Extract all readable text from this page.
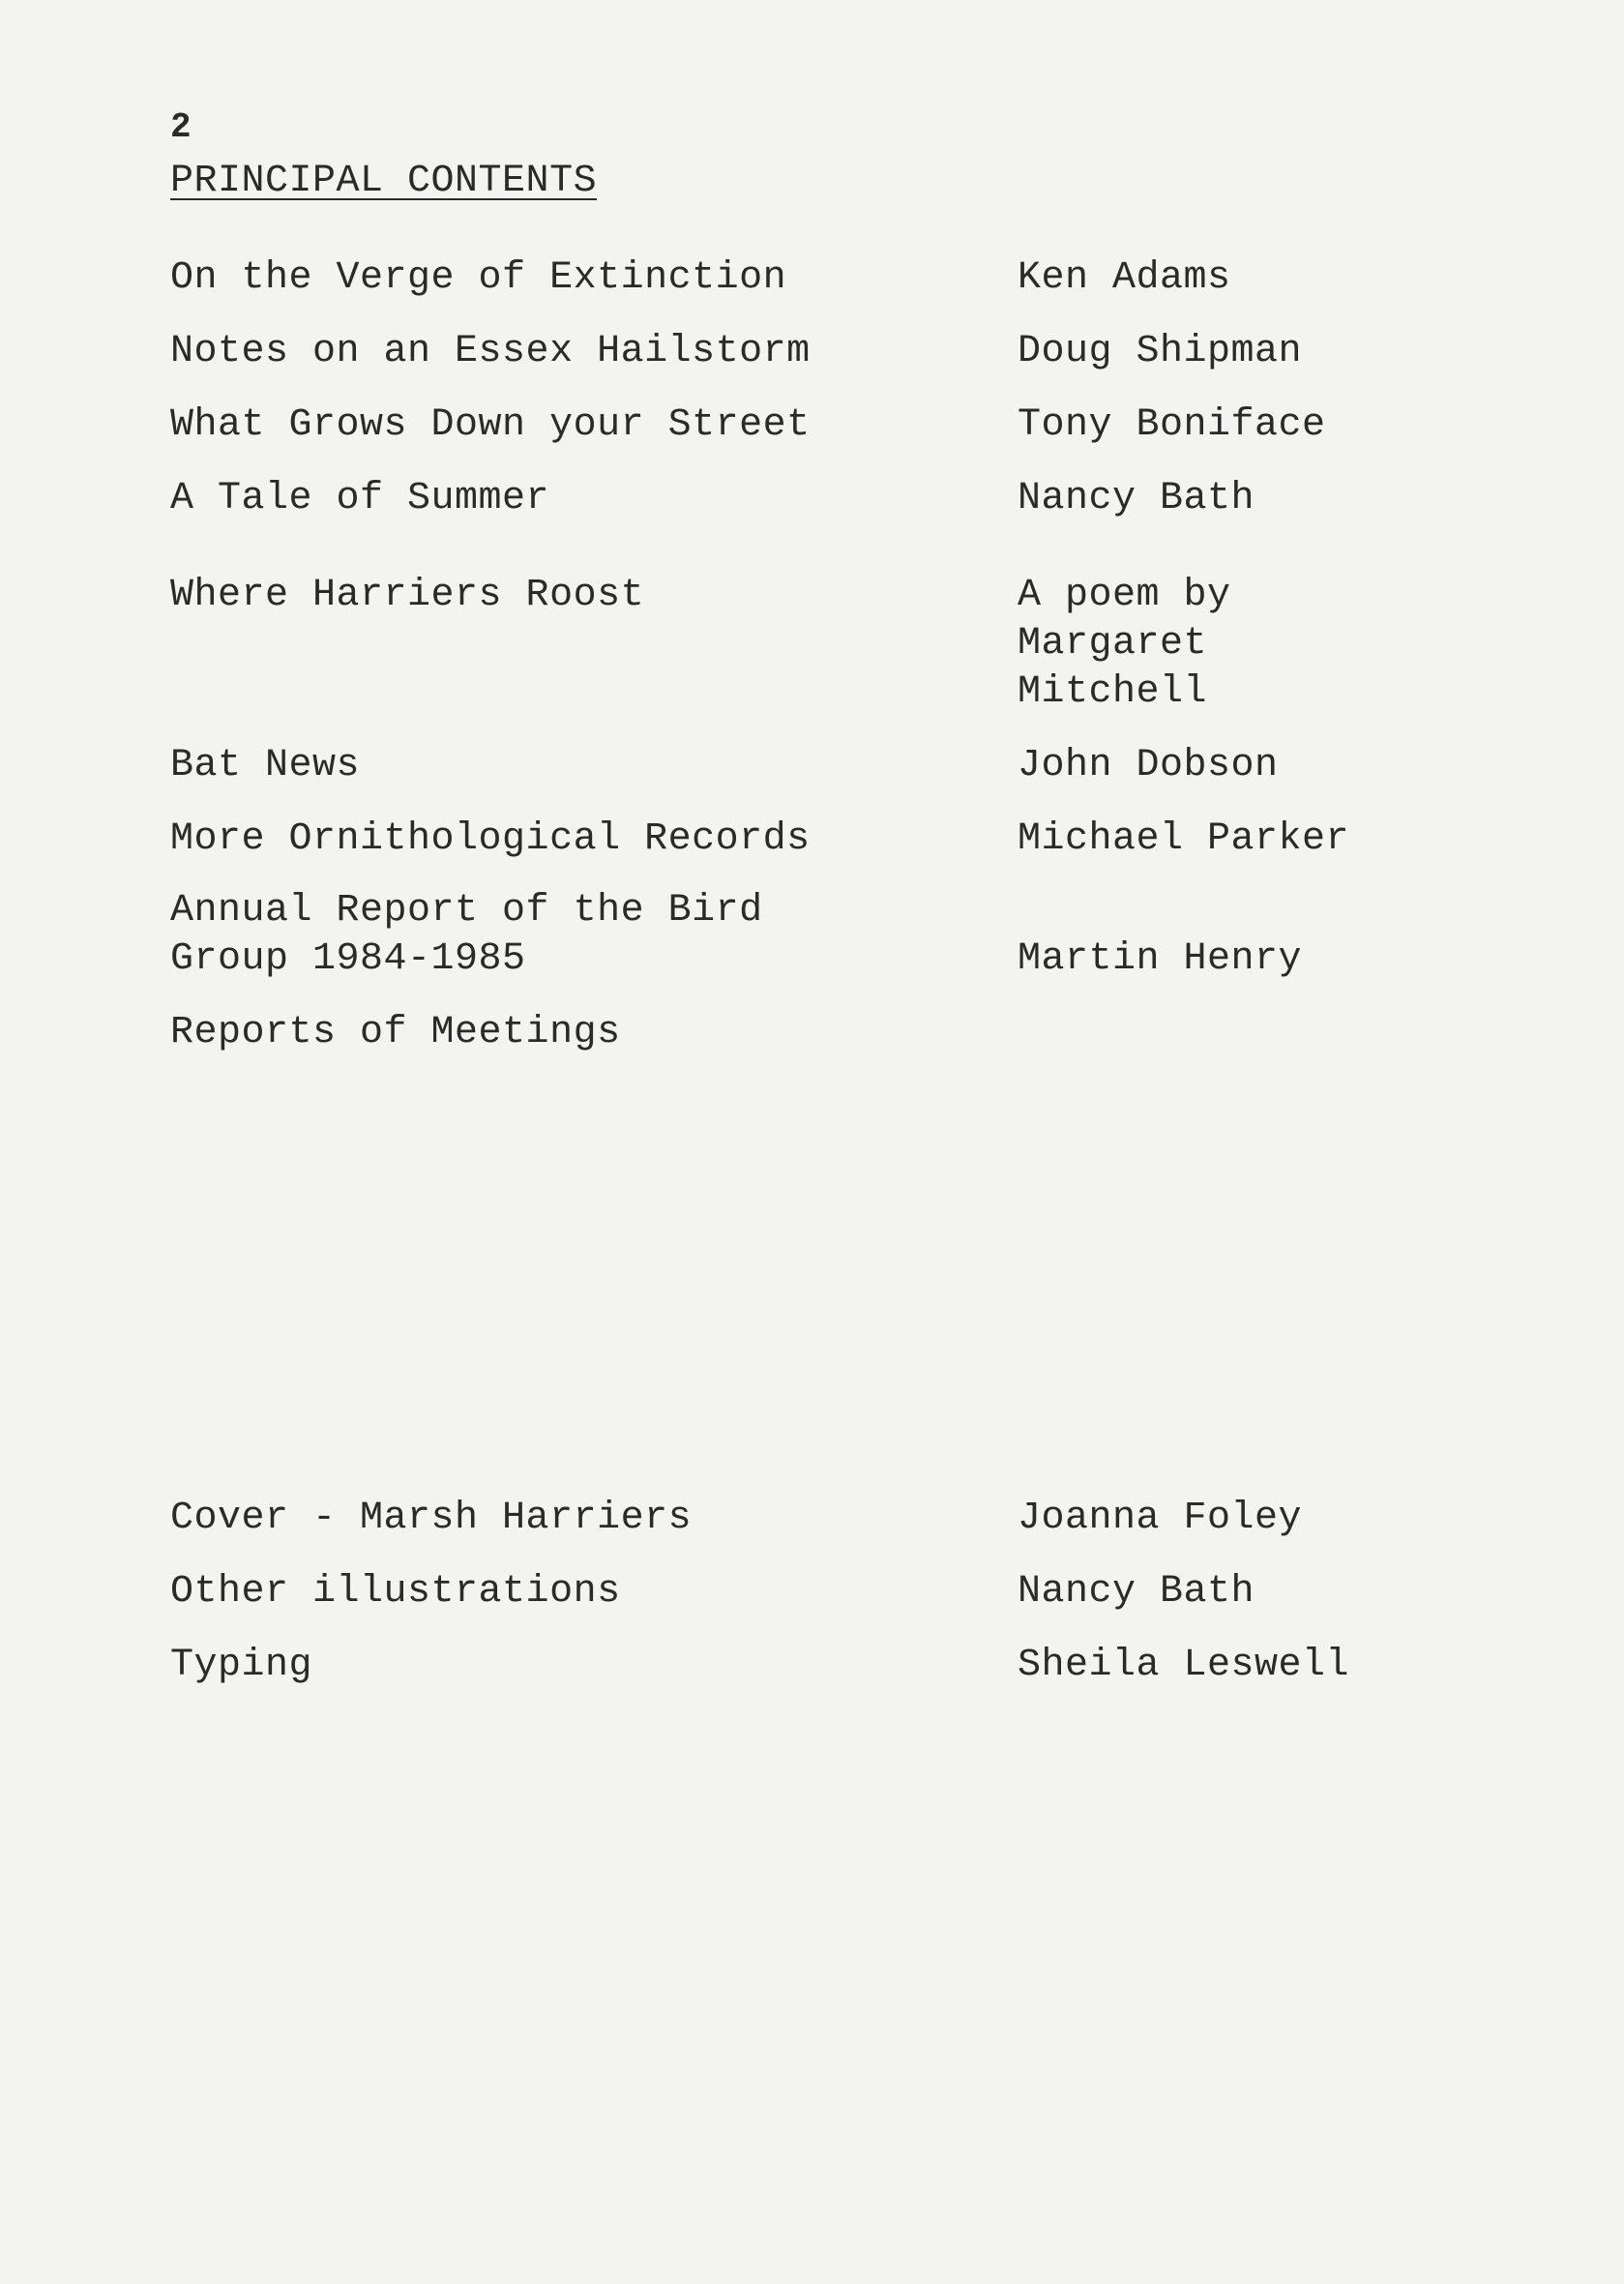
2
PRINCIPAL CONTENTS
On the Verge of Extinction	Ken Adams
Notes on an Essex Hailstorm	Doug Shipman
What Grows Down your Street	Tony Boniface
A Tale of Summer	Nancy Bath
Where Harriers Roost	A poem by
Margaret
Mitchell
Bat News	John Dobson
More Ornithological Records	Michael Parker
Annual Report of the Bird
Group 1984-1985	Martin Henry
Reports of Meetings
Cover - Marsh Harriers	Joanna Foley
Other illustrations	Nancy Bath
Typing	Sheila Leswell
